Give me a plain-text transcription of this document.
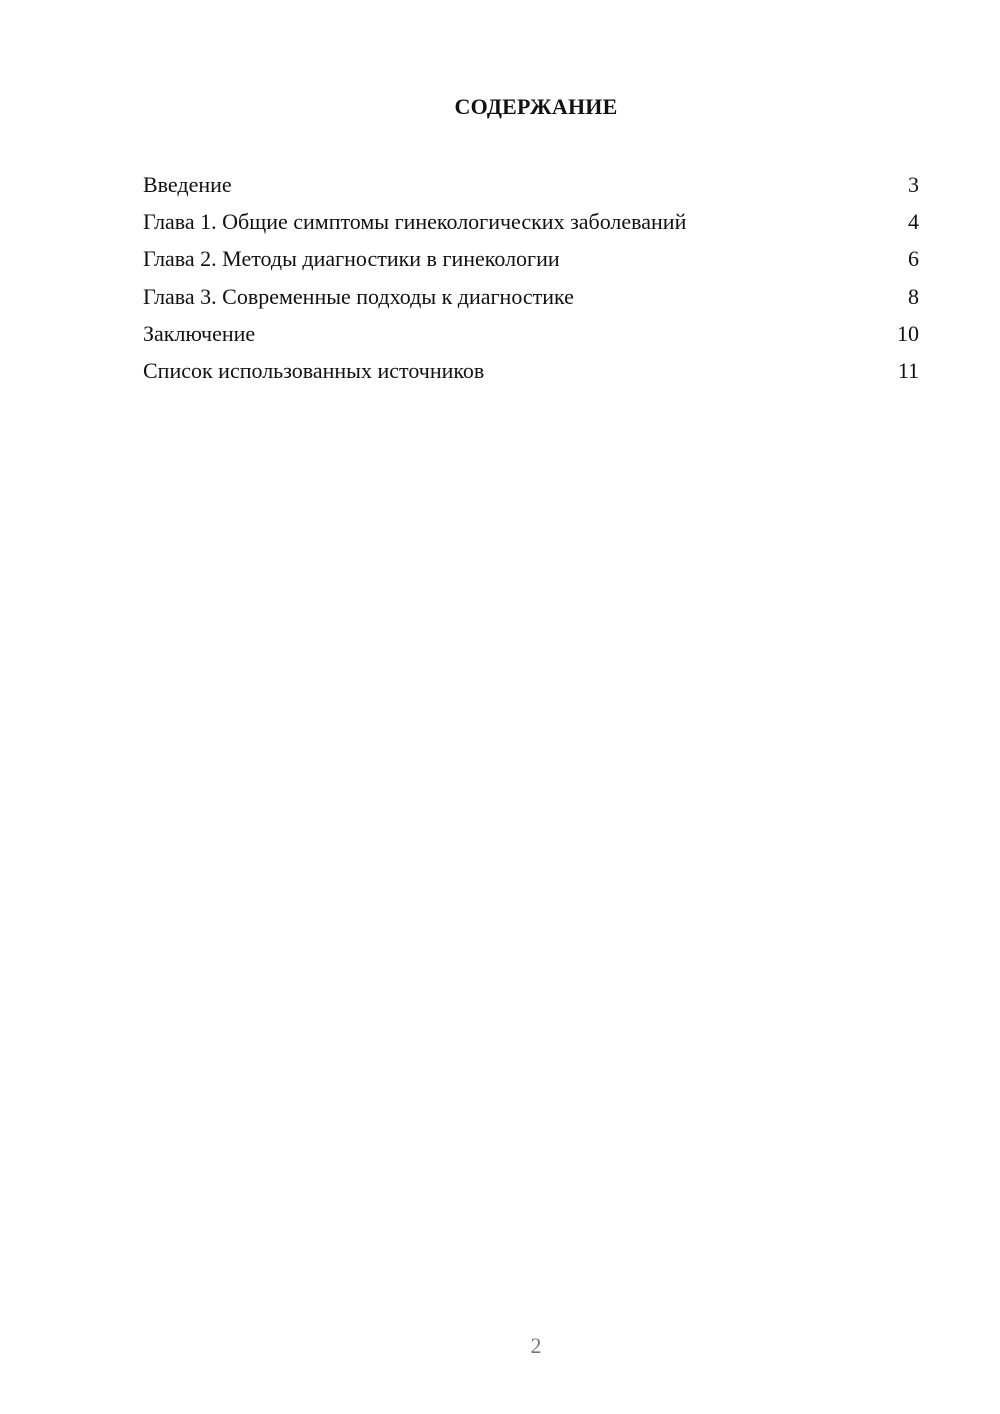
СОДЕРЖАНИЕ
Введение	3
Глава 1. Общие симптомы гинекологических заболеваний	4
Глава 2. Методы диагностики в гинекологии	6
Глава 3. Современные подходы к диагностике	8
Заключение	10
Список использованных источников	11
2
